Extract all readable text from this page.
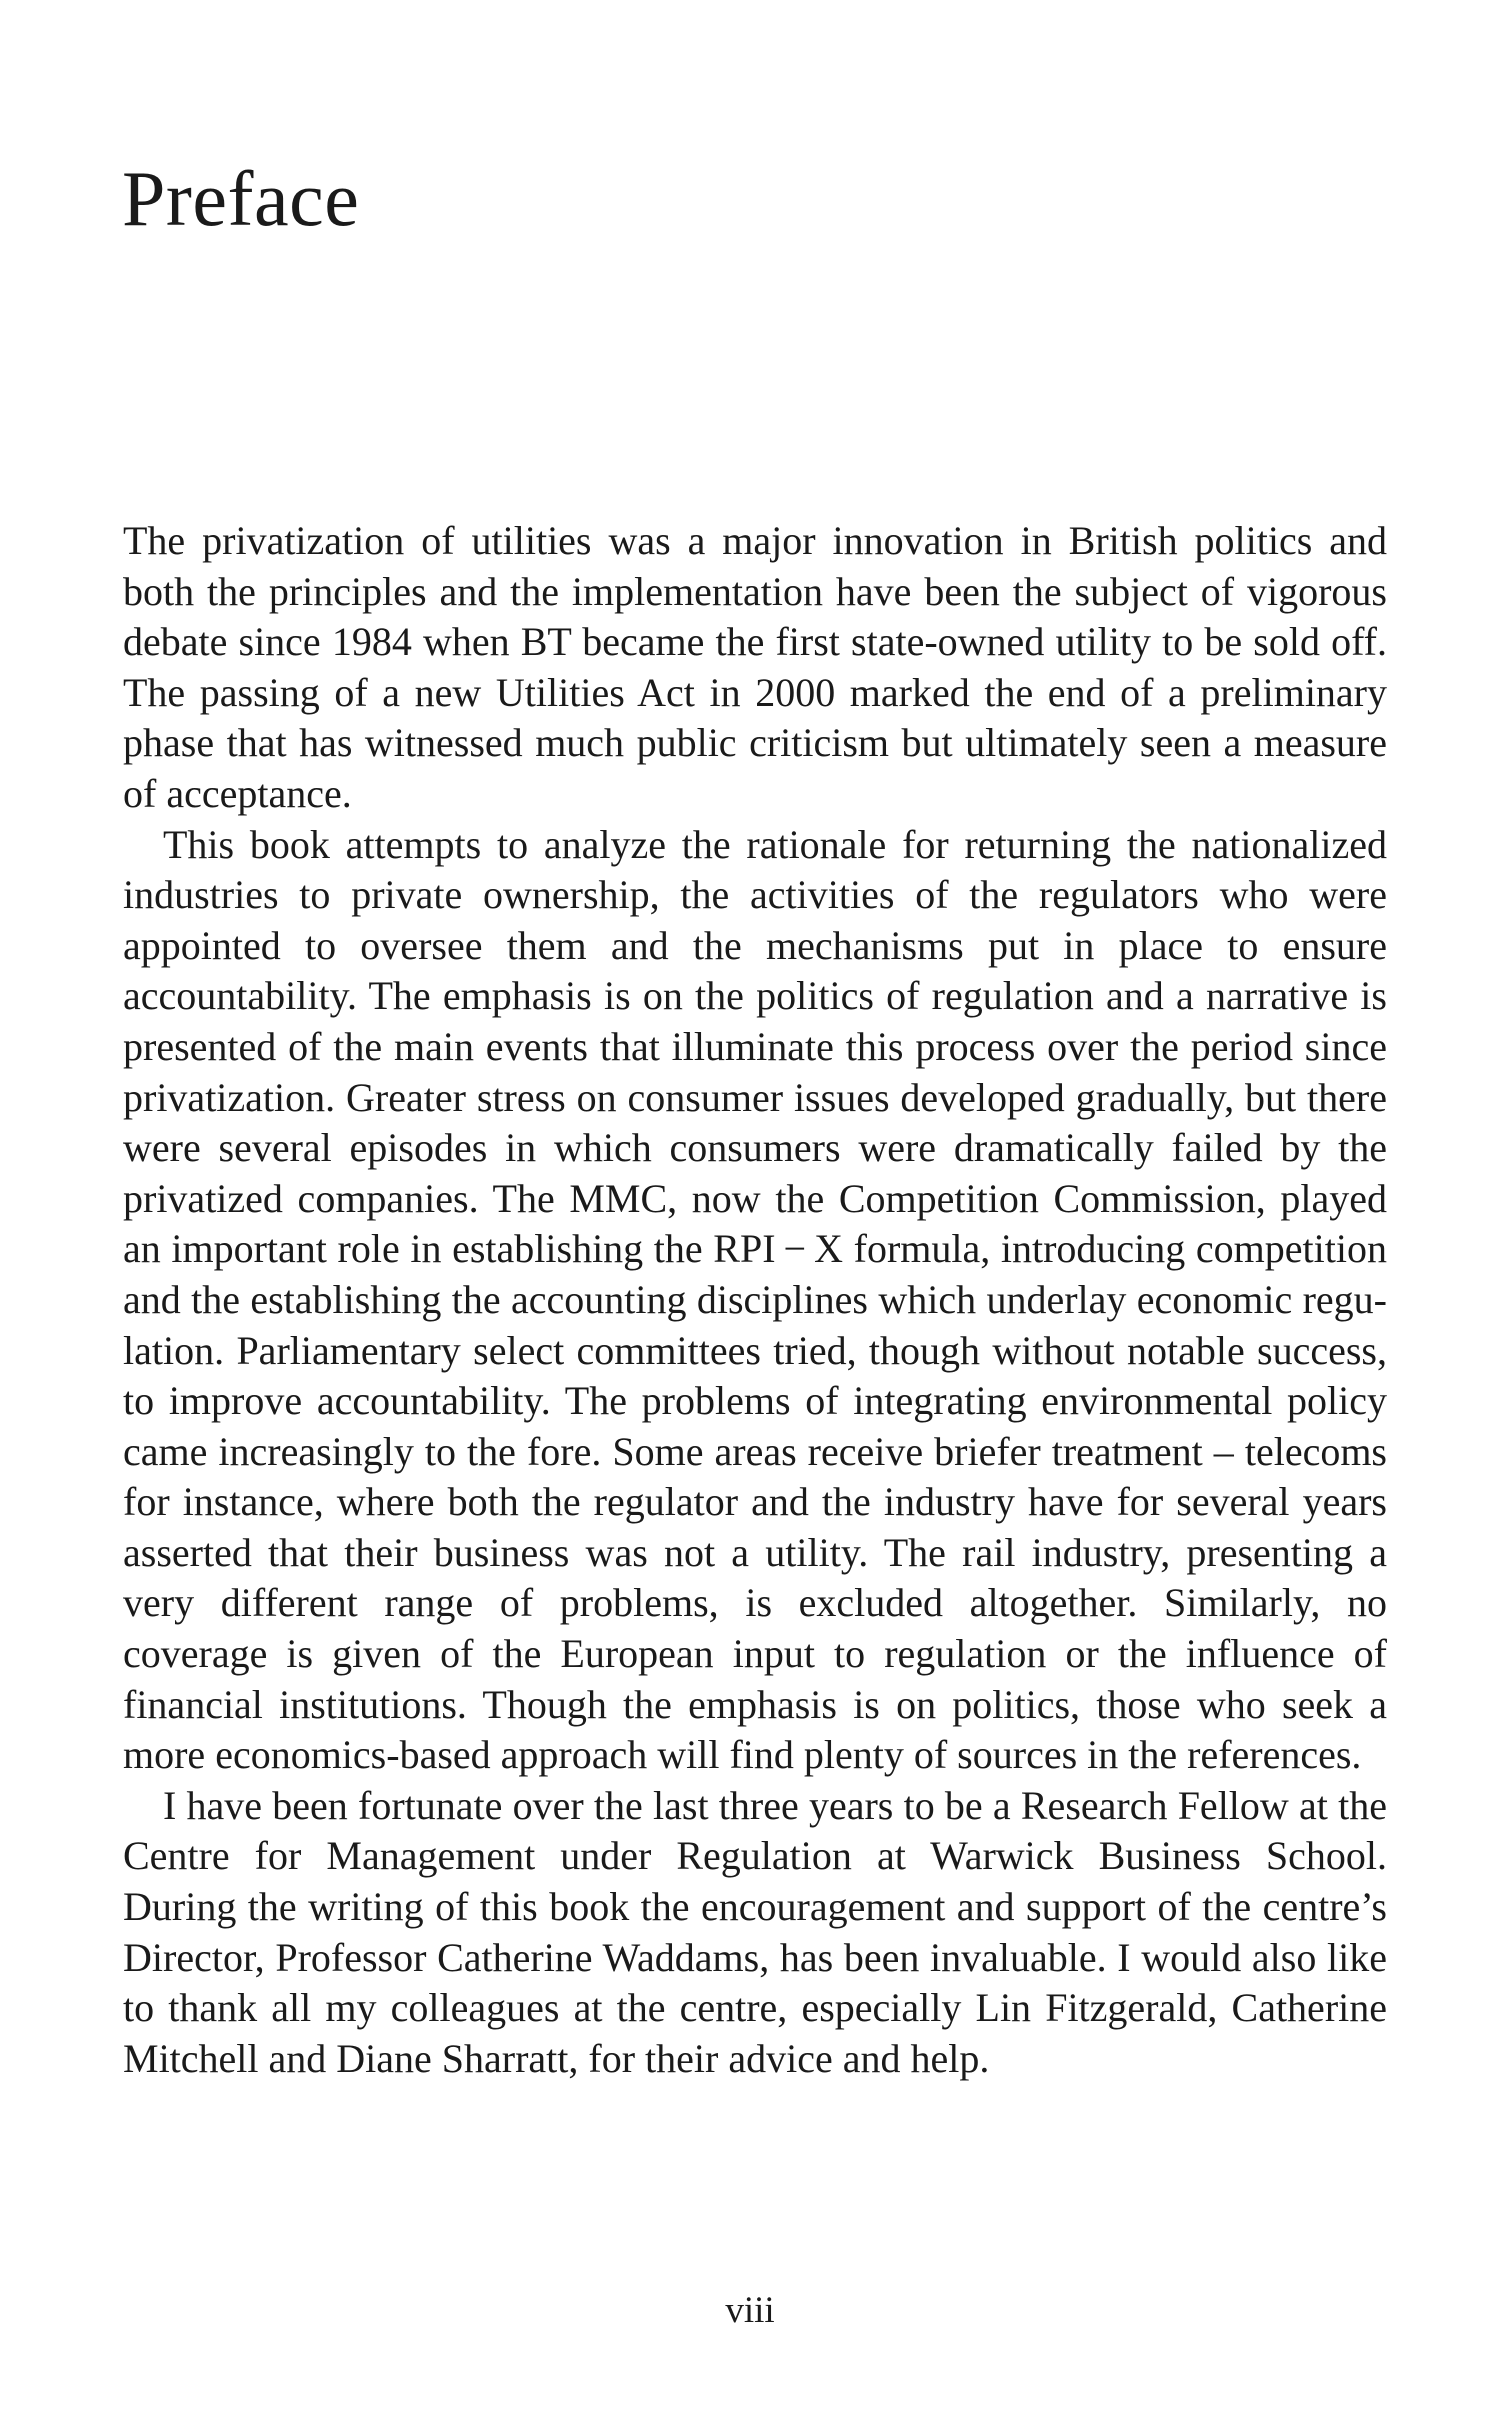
Preface

The privatization of utilities was a major innovation in British politics and both the principles and the implementation have been the subject of vigorous debate since 1984 when BT became the first state-owned utility to be sold off. The passing of a new Utilities Act in 2000 marked the end of a preliminary phase that has witnessed much public criticism but ultimately seen a measure of acceptance.

This book attempts to analyze the rationale for returning the nationalized industries to private ownership, the activities of the regulators who were appointed to oversee them and the mechanisms put in place to ensure accountability. The emphasis is on the politics of regulation and a narrative is presented of the main events that illuminate this process over the period since privatization. Greater stress on consumer issues developed gradually, but there were several episodes in which consumers were dramatically failed by the privatized companies. The MMC, now the Competition Commission, played an important role in establishing the RPI − X formula, introducing competition and the establishing the accounting disciplines which underlay economic regulation. Parliamentary select committees tried, though without notable success, to improve accountability. The problems of integrating environmental policy came increasingly to the fore. Some areas receive briefer treatment – telecoms for instance, where both the regulator and the industry have for several years asserted that their business was not a utility. The rail industry, presenting a very different range of problems, is excluded altogether. Similarly, no coverage is given of the European input to regulation or the influence of financial institutions. Though the emphasis is on politics, those who seek a more economics-based approach will find plenty of sources in the references.

I have been fortunate over the last three years to be a Research Fellow at the Centre for Management under Regulation at Warwick Business School. During the writing of this book the encouragement and support of the centre’s Director, Professor Catherine Waddams, has been invaluable. I would also like to thank all my colleagues at the centre, especially Lin Fitzgerald, Catherine Mitchell and Diane Sharratt, for their advice and help.

viii
